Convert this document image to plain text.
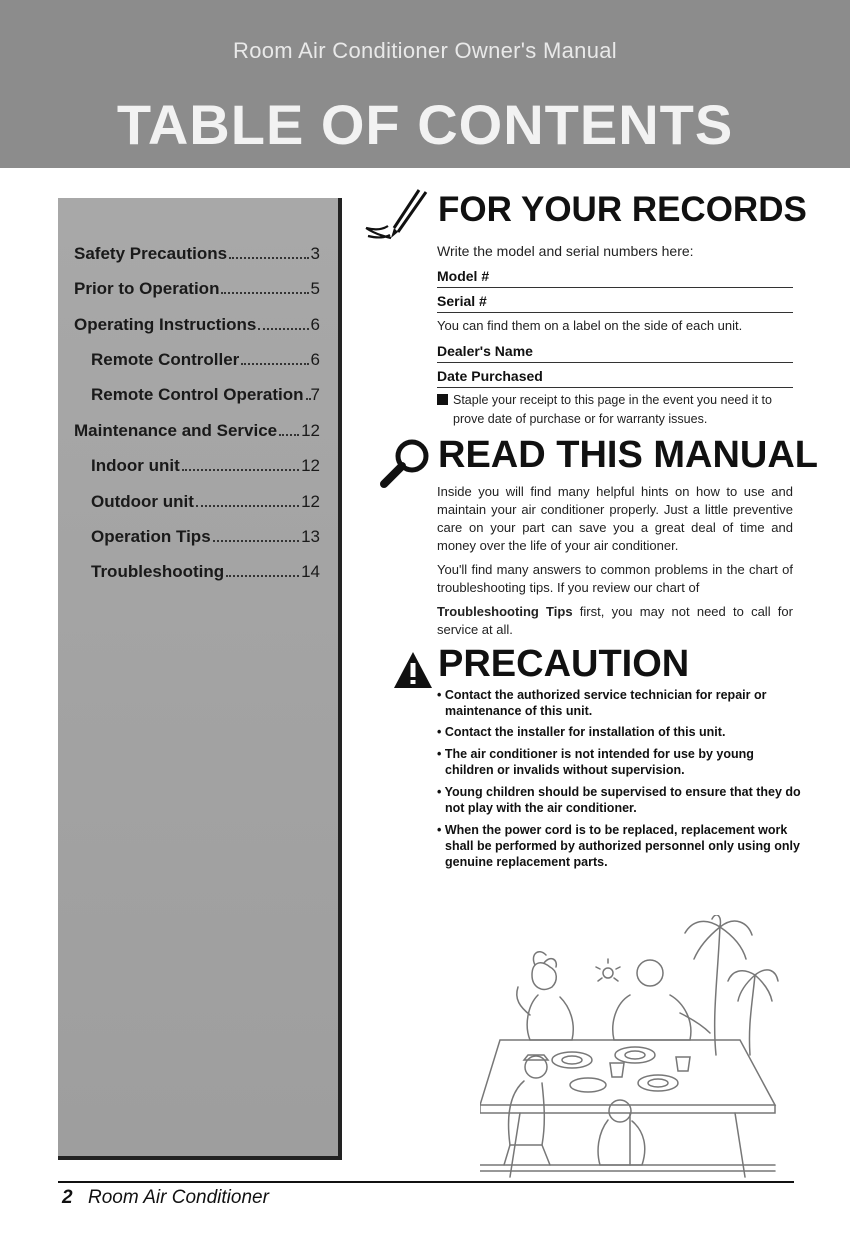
Room Air Conditioner Owner's Manual
TABLE OF CONTENTS
Safety Precautions	3
Prior to Operation	5
Operating Instructions	6
Remote Controller	6
Remote Control Operation 7
Maintenance and Service 12
Indoor unit	12
Outdoor unit	12
Operation Tips	13
Troubleshooting	14
FOR YOUR RECORDS

Write the model and serial numbers here:

Model #
Serial #

You can find them on a label on the side of each unit.

Dealer's Name
Date Purchased

Staple your receipt to this page in the event you need it to prove date of purchase or for warranty issues.

READ THIS MANUAL

Inside you will find many helpful hints on how to use and maintain your air conditioner properly. Just a little preventive care on your part can save you a great deal of time and money over the life of your air conditioner.

You'll find many answers to common problems in the chart of troubleshooting tips. If you review our chart of

Troubleshooting Tips first, you may not need to call for service at all.

PRECAUTION

• Contact the authorized service technician for repair or maintenance of this unit.

• Contact the installer for installation of this unit.

• The air conditioner is not intended for use by young children or invalids without supervision.

• Young children should be supervised to ensure that they do not play with the air conditioner.

• When the power cord is to be replaced, replacement work shall be performed by authorized personnel only using only genuine replacement parts.

2 Room Air Conditioner
